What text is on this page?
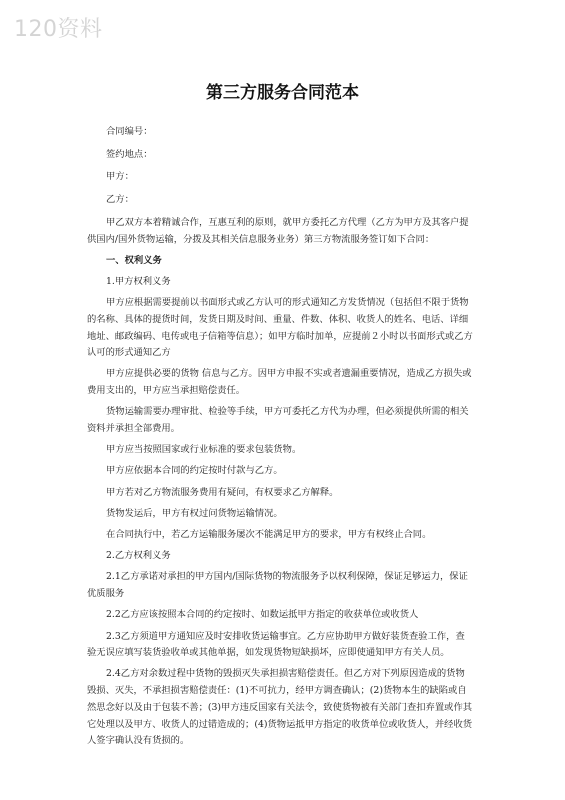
120资料
第三方服务合同范本

合同编号：

签约地点：

甲方：

乙方：

甲乙双方本着精诚合作，互惠互利的原则，就甲方委托乙方代理（乙方为甲方及其客户提供国内/国外货物运输，分拨及其相关信息服务业务）第三方物流服务签订如下合同：

一、权利义务

1.甲方权利义务

甲方应根据需要提前以书面形式或乙方认可的形式通知乙方发货情况（包括但不限于货物的名称、具体的提货时间，发货日期及时间、重量、件数、体积、收货人的姓名、电话、详细地址、邮政编码、电传或电子信箱等信息）；如甲方临时加单，应提前２小时以书面形式或乙方认可的形式通知乙方

甲方应提供必要的货物 信息与乙方。因甲方申报不实或者遗漏重要情况，造成乙方损失或费用支出的，甲方应当承担赔偿责任。

货物运输需要办理审批、检验等手续，甲方可委托乙方代为办理，但必须提供所需的相关资料并承担全部费用。

甲方应当按照国家或行业标准的要求包装货物。

甲方应依据本合同的约定按时付款与乙方。

甲方若对乙方物流服务费用有疑问，有权要求乙方解释。

货物发运后，甲方有权过问货物运输情况。

在合同执行中，若乙方运输服务屡次不能满足甲方的要求，甲方有权终止合同。

2.乙方权利义务

2.1乙方承诺对承担的甲方国内/国际货物的物流服务予以权利保障，保证足够运力，保证优质服务

2.2乙方应该按照本合同的约定按时、如数运抵甲方指定的收获单位或收货人

2.3乙方须道甲方通知应及时安排收货运输事宜。乙方应协助甲方做好装货查验工作，查验无误应填写装货验收单或其他单据，如发现货物短缺损坏，应即使通知甲方有关人员。

2.4乙方对余数过程中货物的毁损灭失承担损害赔偿责任。但乙方对下列原因造成的货物毁损、灭失，不承担损害赔偿责任：(1)不可抗力，经甲方调查确认；(2)货物本生的缺陷或自然思念好以及由于包装不善；(3)甲方违反国家有关法令，致使货物被有关部门查扣弃置或作其它处理以及甲方、收货人的过错造成的；(4)货物运抵甲方指定的收货单位或收货人，并经收货人签字确认没有货损的。
